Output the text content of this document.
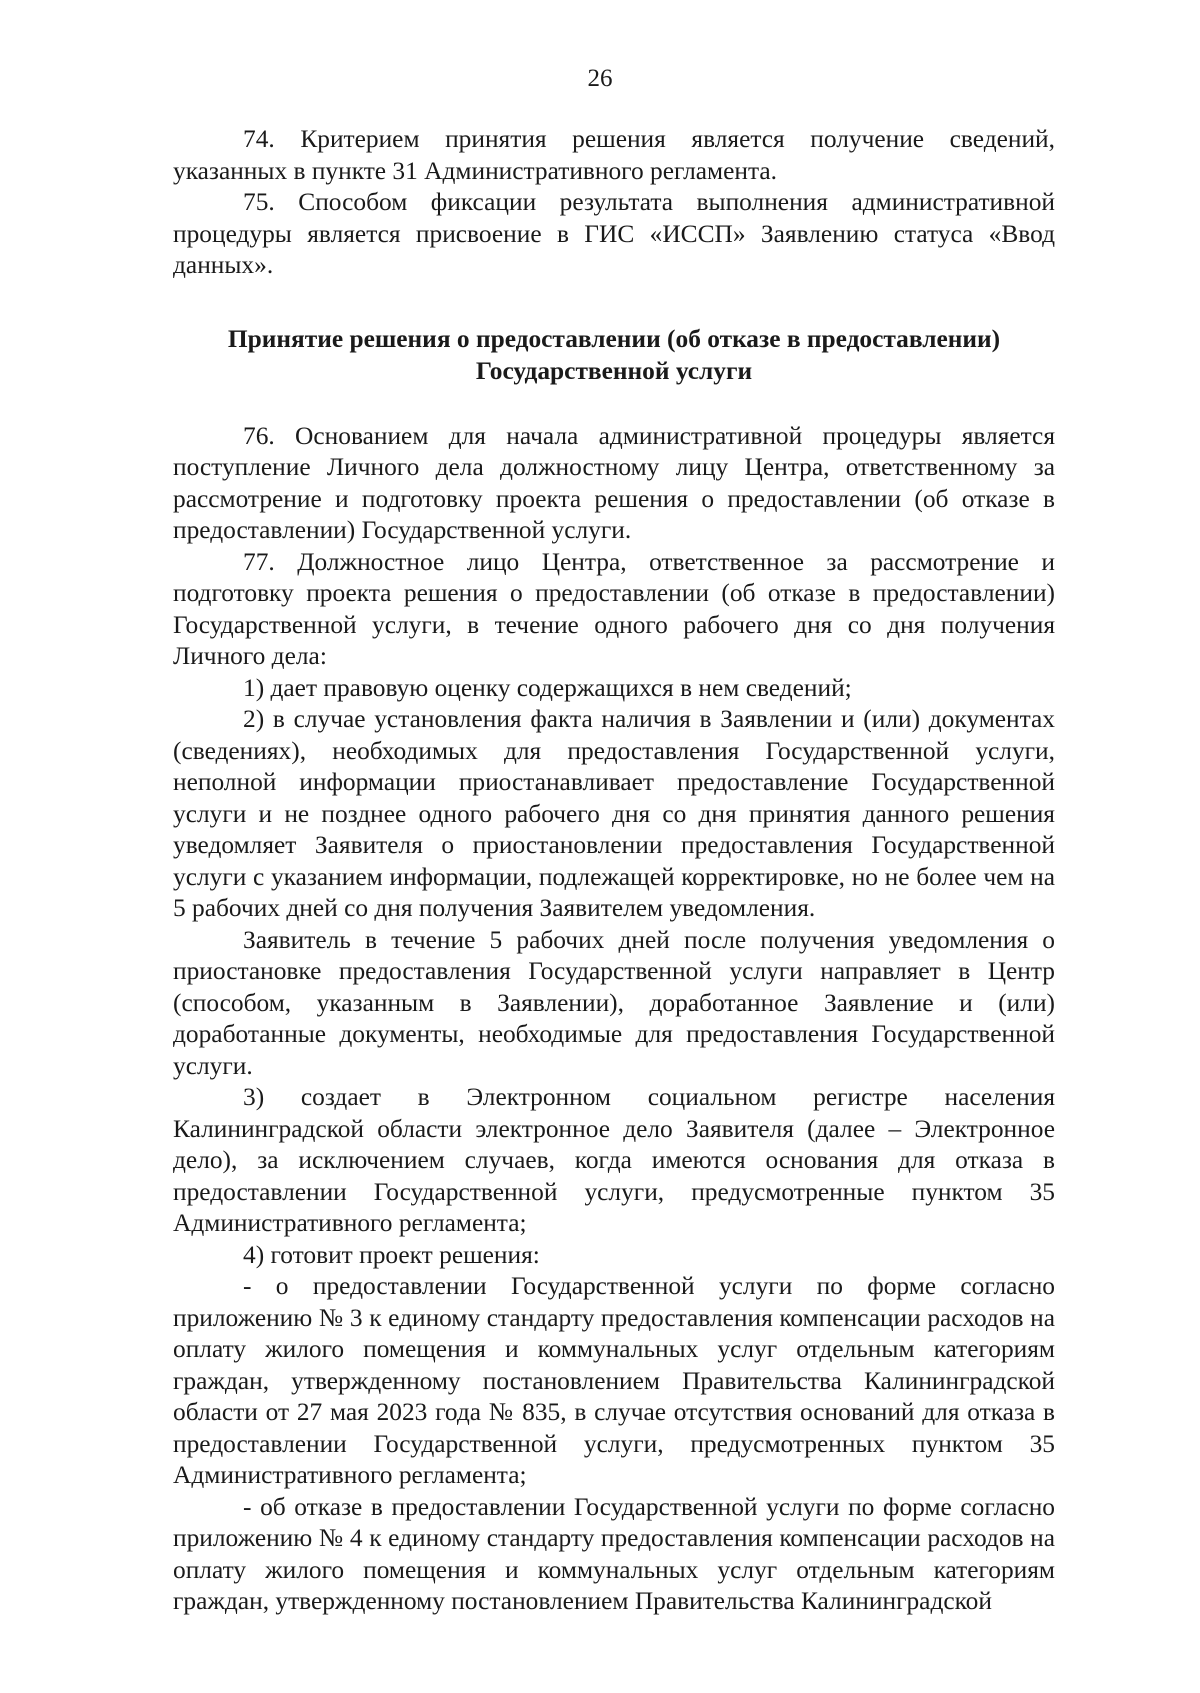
26

74. Критерием принятия решения является получение сведений, указанных в пункте 31 Административного регламента.

75. Способом фиксации результата выполнения административной процедуры является присвоение в ГИС «ИССП» Заявлению статуса «Ввод данных».

Принятие решения о предоставлении (об отказе в предоставлении)
Государственной услуги

76. Основанием для начала административной процедуры является поступление Личного дела должностному лицу Центра, ответственному за рассмотрение и подготовку проекта решения о предоставлении (об отказе в предоставлении) Государственной услуги.

77. Должностное лицо Центра, ответственное за рассмотрение и подготовку проекта решения о предоставлении (об отказе в предоставлении) Государственной услуги, в течение одного рабочего дня со дня получения Личного дела:

1) дает правовую оценку содержащихся в нем сведений;

2) в случае установления факта наличия в Заявлении и (или) документах (сведениях), необходимых для предоставления Государственной услуги, неполной информации приостанавливает предоставление Государственной услуги и не позднее одного рабочего дня со дня принятия данного решения уведомляет Заявителя о приостановлении предоставления Государственной услуги с указанием информации, подлежащей корректировке, но не более чем на 5 рабочих дней со дня получения Заявителем уведомления.

Заявитель в течение 5 рабочих дней после получения уведомления о приостановке предоставления Государственной услуги направляет в Центр (способом, указанным в Заявлении), доработанное Заявление и (или) доработанные документы, необходимые для предоставления Государственной услуги.

3) создает в Электронном социальном регистре населения Калининградской области электронное дело Заявителя (далее – Электронное дело), за исключением случаев, когда имеются основания для отказа в предоставлении Государственной услуги, предусмотренные пунктом 35 Административного регламента;

4) готовит проект решения:

- о предоставлении Государственной услуги по форме согласно приложению № 3 к единому стандарту предоставления компенсации расходов на оплату жилого помещения и коммунальных услуг отдельным категориям граждан, утвержденному постановлением Правительства Калининградской области от 27 мая 2023 года № 835, в случае отсутствия оснований для отказа в предоставлении Государственной услуги, предусмотренных пунктом 35 Административного регламента;

- об отказе в предоставлении Государственной услуги по форме согласно приложению № 4 к единому стандарту предоставления компенсации расходов на оплату жилого помещения и коммунальных услуг отдельным категориям граждан, утвержденному постановлением Правительства Калининградской
